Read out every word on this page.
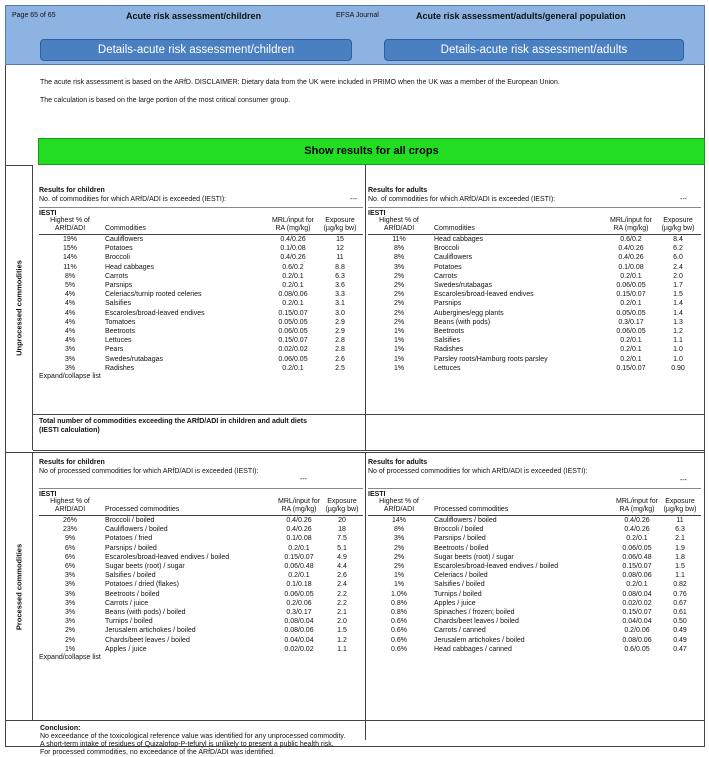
Page 65 of 65	Acute risk assessment/children	EFSA Journal	Acute risk assessment/adults/general population
Details-acute risk assessment/children	Details-acute risk assessment/adults
The acute risk assessment is based on the ARfD. DISCLAIMER: Dietary data from the UK were included in PRIMO when the UK was a member of the European Union.
The calculation is based on the large portion of the most critical consumer group.
Show results for all crops
Unprocessed commodities
Processed commodities
Results for children
No. of commodities for which ARfD/ADI is exceeded (IESTI):	---
IESTI
Highest % of ARfD/ADI	Commodities	MRL/input for RA (mg/kg)	Exposure (µg/kg bw)
19%	Cauliflowers	0.4/0.26	15
15%	Potatoes	0.1/0.08	12
14%	Broccoli	0.4/0.26	11
11%	Head cabbages	0.6/0.2	8.8
8%	Carrots	0.2/0.1	6.3
5%	Parsnips	0.2/0.1	3.6
4%	Celeriacs/turnip rooted celeries	0.08/0.06	3.3
4%	Salsifies	0.2/0.1	3.1
4%	Escaroles/broad-leaved endives	0.15/0.07	3.0
4%	Tomatoes	0.05/0.05	2.9
4%	Beetroots	0.06/0.05	2.9
4%	Lettuces	0.15/0.07	2.8
3%	Pears	0.02/0.02	2.8
3%	Swedes/rutabagas	0.06/0.05	2.6
3%	Radishes	0.2/0.1	2.5
Expand/collapse list
Results for adults
No. of commodities for which ARfD/ADI is exceeded (IESTI):	---
IESTI
Highest % of ARfD/ADI	Commodities	MRL/input for RA (mg/kg)	Exposure (µg/kg bw)
11%	Head cabbages	0.6/0.2	8.4
8%	Broccoli	0.4/0.26	6.2
8%	Cauliflowers	0.4/0.26	6.0
3%	Potatoes	0.1/0.08	2.4
2%	Carrots	0.2/0.1	2.0
2%	Swedes/rutabagas	0.06/0.05	1.7
2%	Escaroles/broad-leaved endives	0.15/0.07	1.5
2%	Parsnips	0.2/0.1	1.4
2%	Aubergines/egg plants	0.05/0.05	1.4
2%	Beans (with pods)	0.3/0.17	1.3
1%	Beetroots	0.06/0.05	1.2
1%	Salsifies	0.2/0.1	1.1
1%	Radishes	0.2/0.1	1.0
1%	Parsley roots/Hamburg roots parsley	0.2/0.1	1.0
1%	Lettuces	0.15/0.07	0.90
Total number of commodities exceeding the ARfD/ADI in children and adult diets (IESTI calculation)
Results for children
No of processed commodities for which ARfD/ADI is exceeded (IESTI):
IESTI
Highest % of ARfD/ADI	Processed commodities	MRL/input for RA (mg/kg)	Exposure (µg/kg bw)
26%	Broccoli / boiled	0.4/0.26	20
23%	Cauliflowers / boiled	0.4/0.26	18
9%	Potatoes / fried	0.1/0.08	7.5
6%	Parsnips / boiled	0.2/0.1	5.1
6%	Escaroles/broad-leaved endives / boiled	0.15/0.07	4.9
6%	Sugar beets (root) / sugar	0.06/0.48	4.4
3%	Salsifies / boiled	0.2/0.1	2.6
3%	Potatoes / dried (flakes)	0.1/0.18	2.4
3%	Beetroots / boiled	0.06/0.05	2.2
3%	Carrots / juice	0.2/0.06	2.2
3%	Beans (with pods) / boiled	0.3/0.17	2.1
3%	Turnips / boiled	0.08/0.04	2.0
2%	Jerusalem artichokes / boiled	0.08/0.06	1.5
2%	Chards/beet leaves / boiled	0.04/0.04	1.2
1%	Apples / juice	0.02/0.02	1.1
Expand/collapse list
Results for adults
No of processed commodities for which ARfD/ADI is exceeded (IESTI):
---
IESTI
Highest % of ARfD/ADI	Processed commodities	MRL/input for RA (mg/kg)	Exposure (µg/kg bw)
14%	Cauliflowers / boiled	0.4/0.26	11
8%	Broccoli / boiled	0.4/0.26	6.3
3%	Parsnips / boiled	0.2/0.1	2.1
2%	Beetroots / boiled	0.06/0.05	1.9
2%	Sugar beets (root) / sugar	0.06/0.48	1.8
2%	Escaroles/broad-leaved endives / boiled	0.15/0.07	1.5
1%	Celeriacs / boiled	0.08/0.06	1.1
1%	Salsifies / boiled	0.2/0.1	0.82
1.0%	Turnips / boiled	0.08/0.04	0.76
0.8%	Apples / juice	0.02/0.02	0.67
0.8%	Spinaches / frozen; boiled	0.15/0.07	0.61
0.6%	Chards/beet leaves / boiled	0.04/0.04	0.50
0.6%	Carrots / canned	0.2/0.06	0.49
0.6%	Jerusalem artichokes / boiled	0.08/0.06	0.49
0.6%	Head cabbages / canned	0.6/0.05	0.47
---
Conclusion:
No exceedance of the toxicological reference value was identified for any unprocessed commodity.
A short-term intake of residues of Quizalofop-P-tefuryl is unlikely to present a public health risk.
For processed commodities, no exceedance of the ARfD/ADI was identified.
